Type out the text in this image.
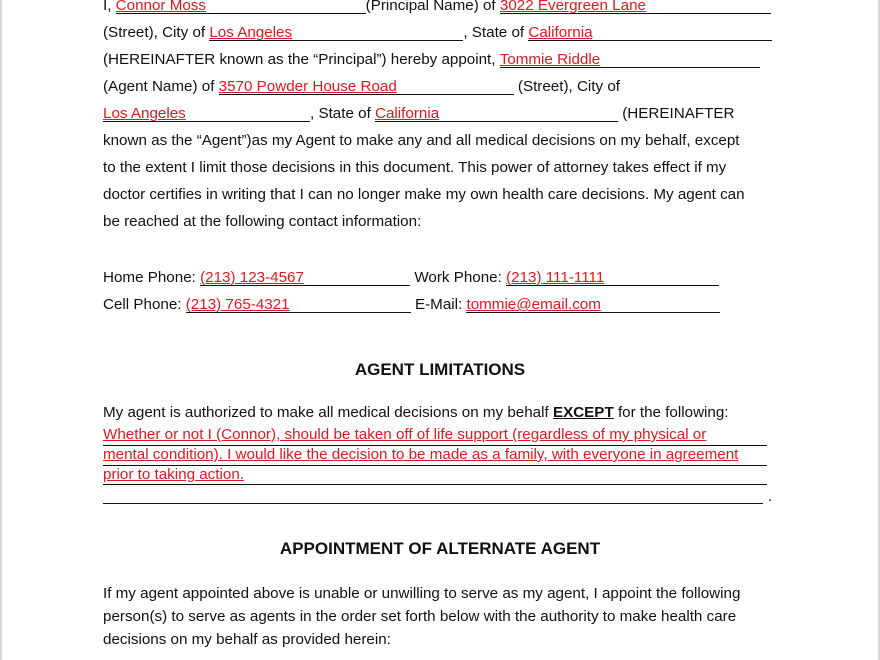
I, Connor Moss	(Principal Name) of 3022 Evergreen Lane
(Street), City of Los Angeles	, State of California
(HEREINAFTER known as the “Principal”) hereby appoint, Tommie Riddle
(Agent Name) of 3570 Powder House Road	(Street), City of
Los Angeles	, State of California	(HEREINAFTER
known as the “Agent”)as my Agent to make any and all medical decisions on my behalf, except
to the extent I limit those decisions in this document. This power of attorney takes effect if my
doctor certifies in writing that I can no longer make my own health care decisions. My agent can
be reached at the following contact information:
Home Phone: (213) 123-4567	Work Phone: (213) 111-1111
Cell Phone: (213) 765-4321	E-Mail: tommie@email.com
AGENT LIMITATIONS
My agent is authorized to make all medical decisions on my behalf EXCEPT for the following:
Whether or not I (Connor), should be taken off of life support (regardless of my physical or
mental condition). I would like the decision to be made as a family, with everyone in agreement
prior to taking action.
.
APPOINTMENT OF ALTERNATE AGENT
If my agent appointed above is unable or unwilling to serve as my agent, I appoint the following
person(s) to serve as agents in the order set forth below with the authority to make health care
decisions on my behalf as provided herein:
